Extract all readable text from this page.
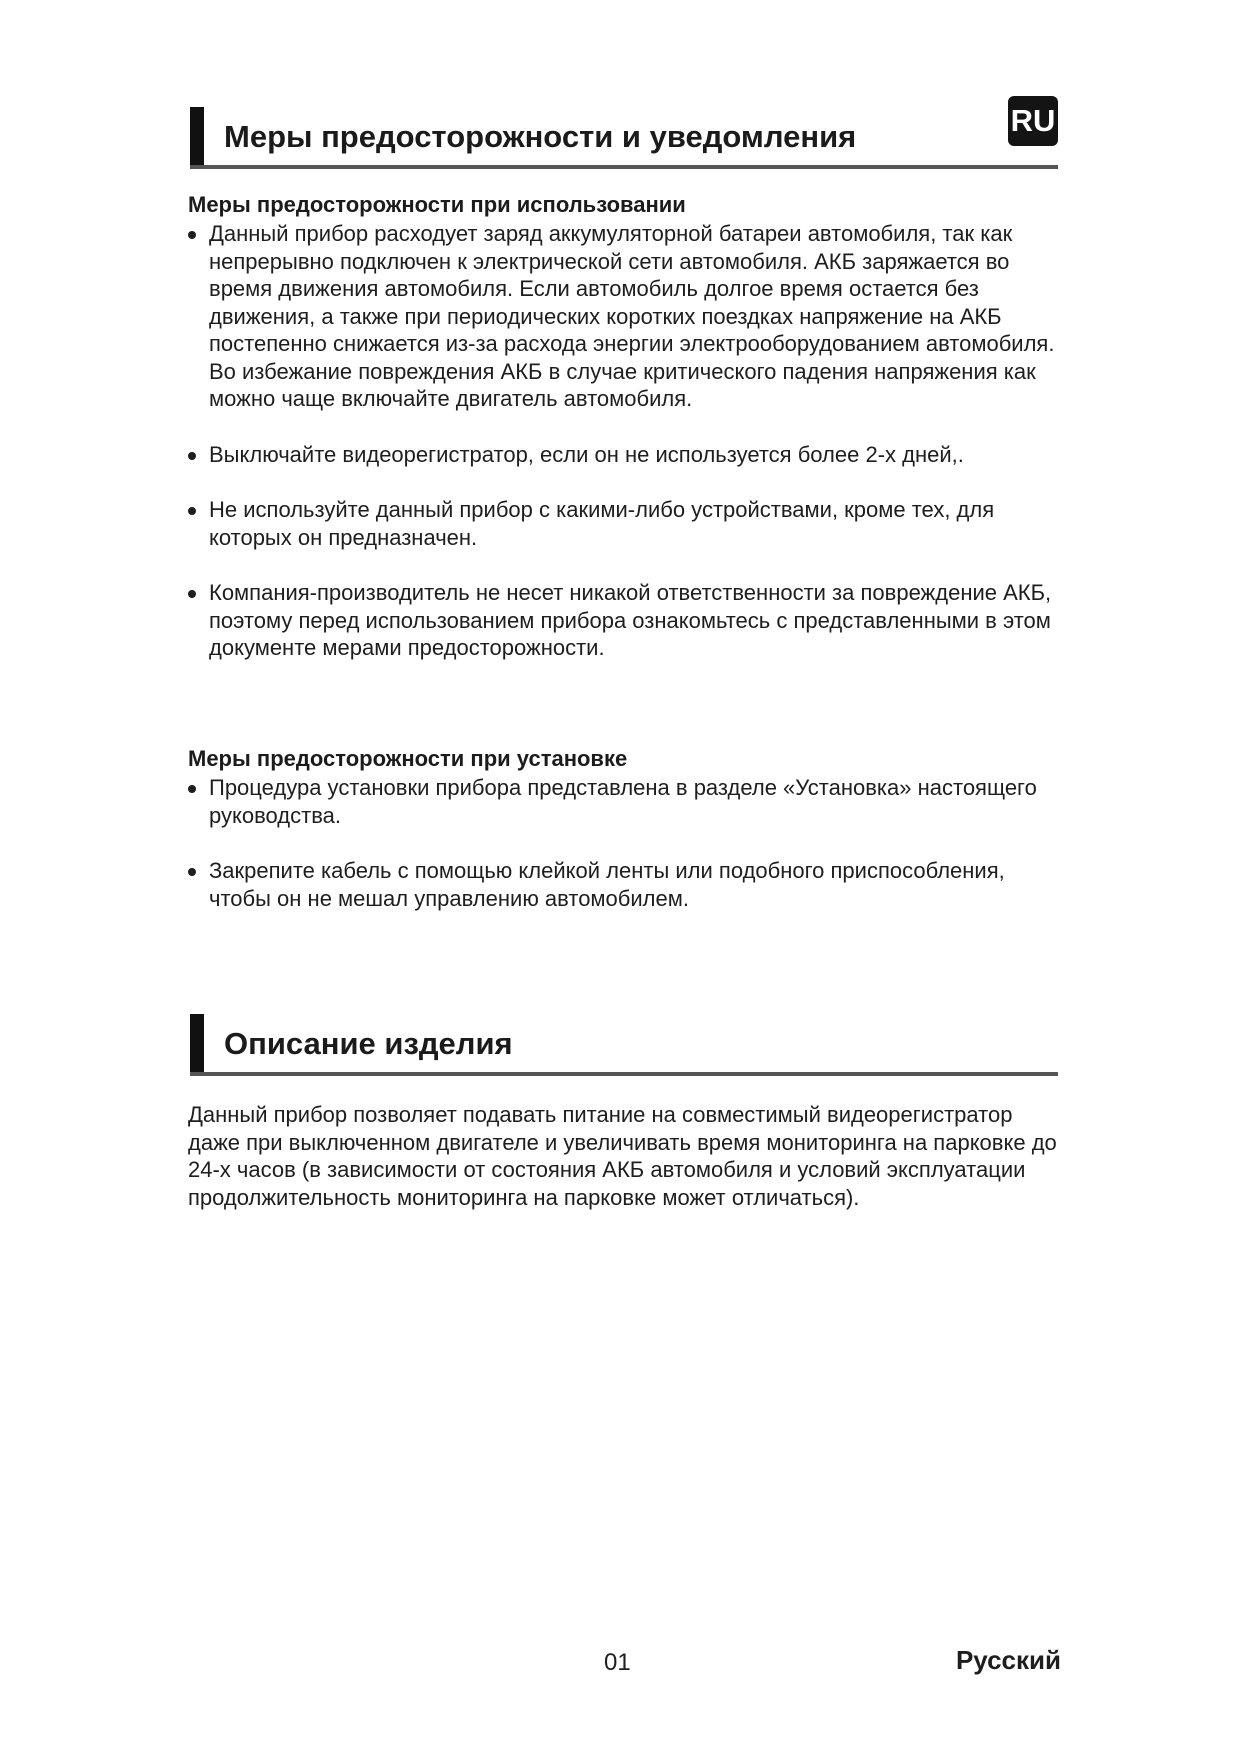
RU
Меры предосторожности и уведомления
Меры предосторожности при использовании
Данный прибор расходует заряд аккумуляторной батареи автомобиля, так как непрерывно подключен к электрической сети автомобиля. АКБ заряжается во время движения автомобиля. Если автомобиль долгое время остается без движения, а также при периодических коротких поездках напряжение на АКБ постепенно снижается из-за расхода энергии электрооборудованием автомобиля. Во избежание повреждения АКБ в случае критического падения напряжения как можно чаще включайте двигатель автомобиля.
Выключайте видеорегистратор, если он не используется более 2-х дней,.
Не используйте данный прибор с какими-либо устройствами, кроме тех, для которых он предназначен.
Компания-производитель не несет никакой ответственности за повреждение АКБ, поэтому перед использованием прибора ознакомьтесь с представленными в этом документе мерами предосторожности.
Меры предосторожности при установке
Процедура установки прибора представлена в разделе «Установка» настоящего руководства.
Закрепите кабель с помощью клейкой ленты или подобного приспособления, чтобы он не мешал управлению автомобилем.
Описание изделия

Данный прибор позволяет подавать питание на совместимый видеорегистратор даже при выключенном двигателе и увеличивать время мониторинга на парковке до 24-х часов (в зависимости от состояния АКБ автомобиля и условий эксплуатации продолжительность мониторинга на парковке может отличаться).

01	Русский
